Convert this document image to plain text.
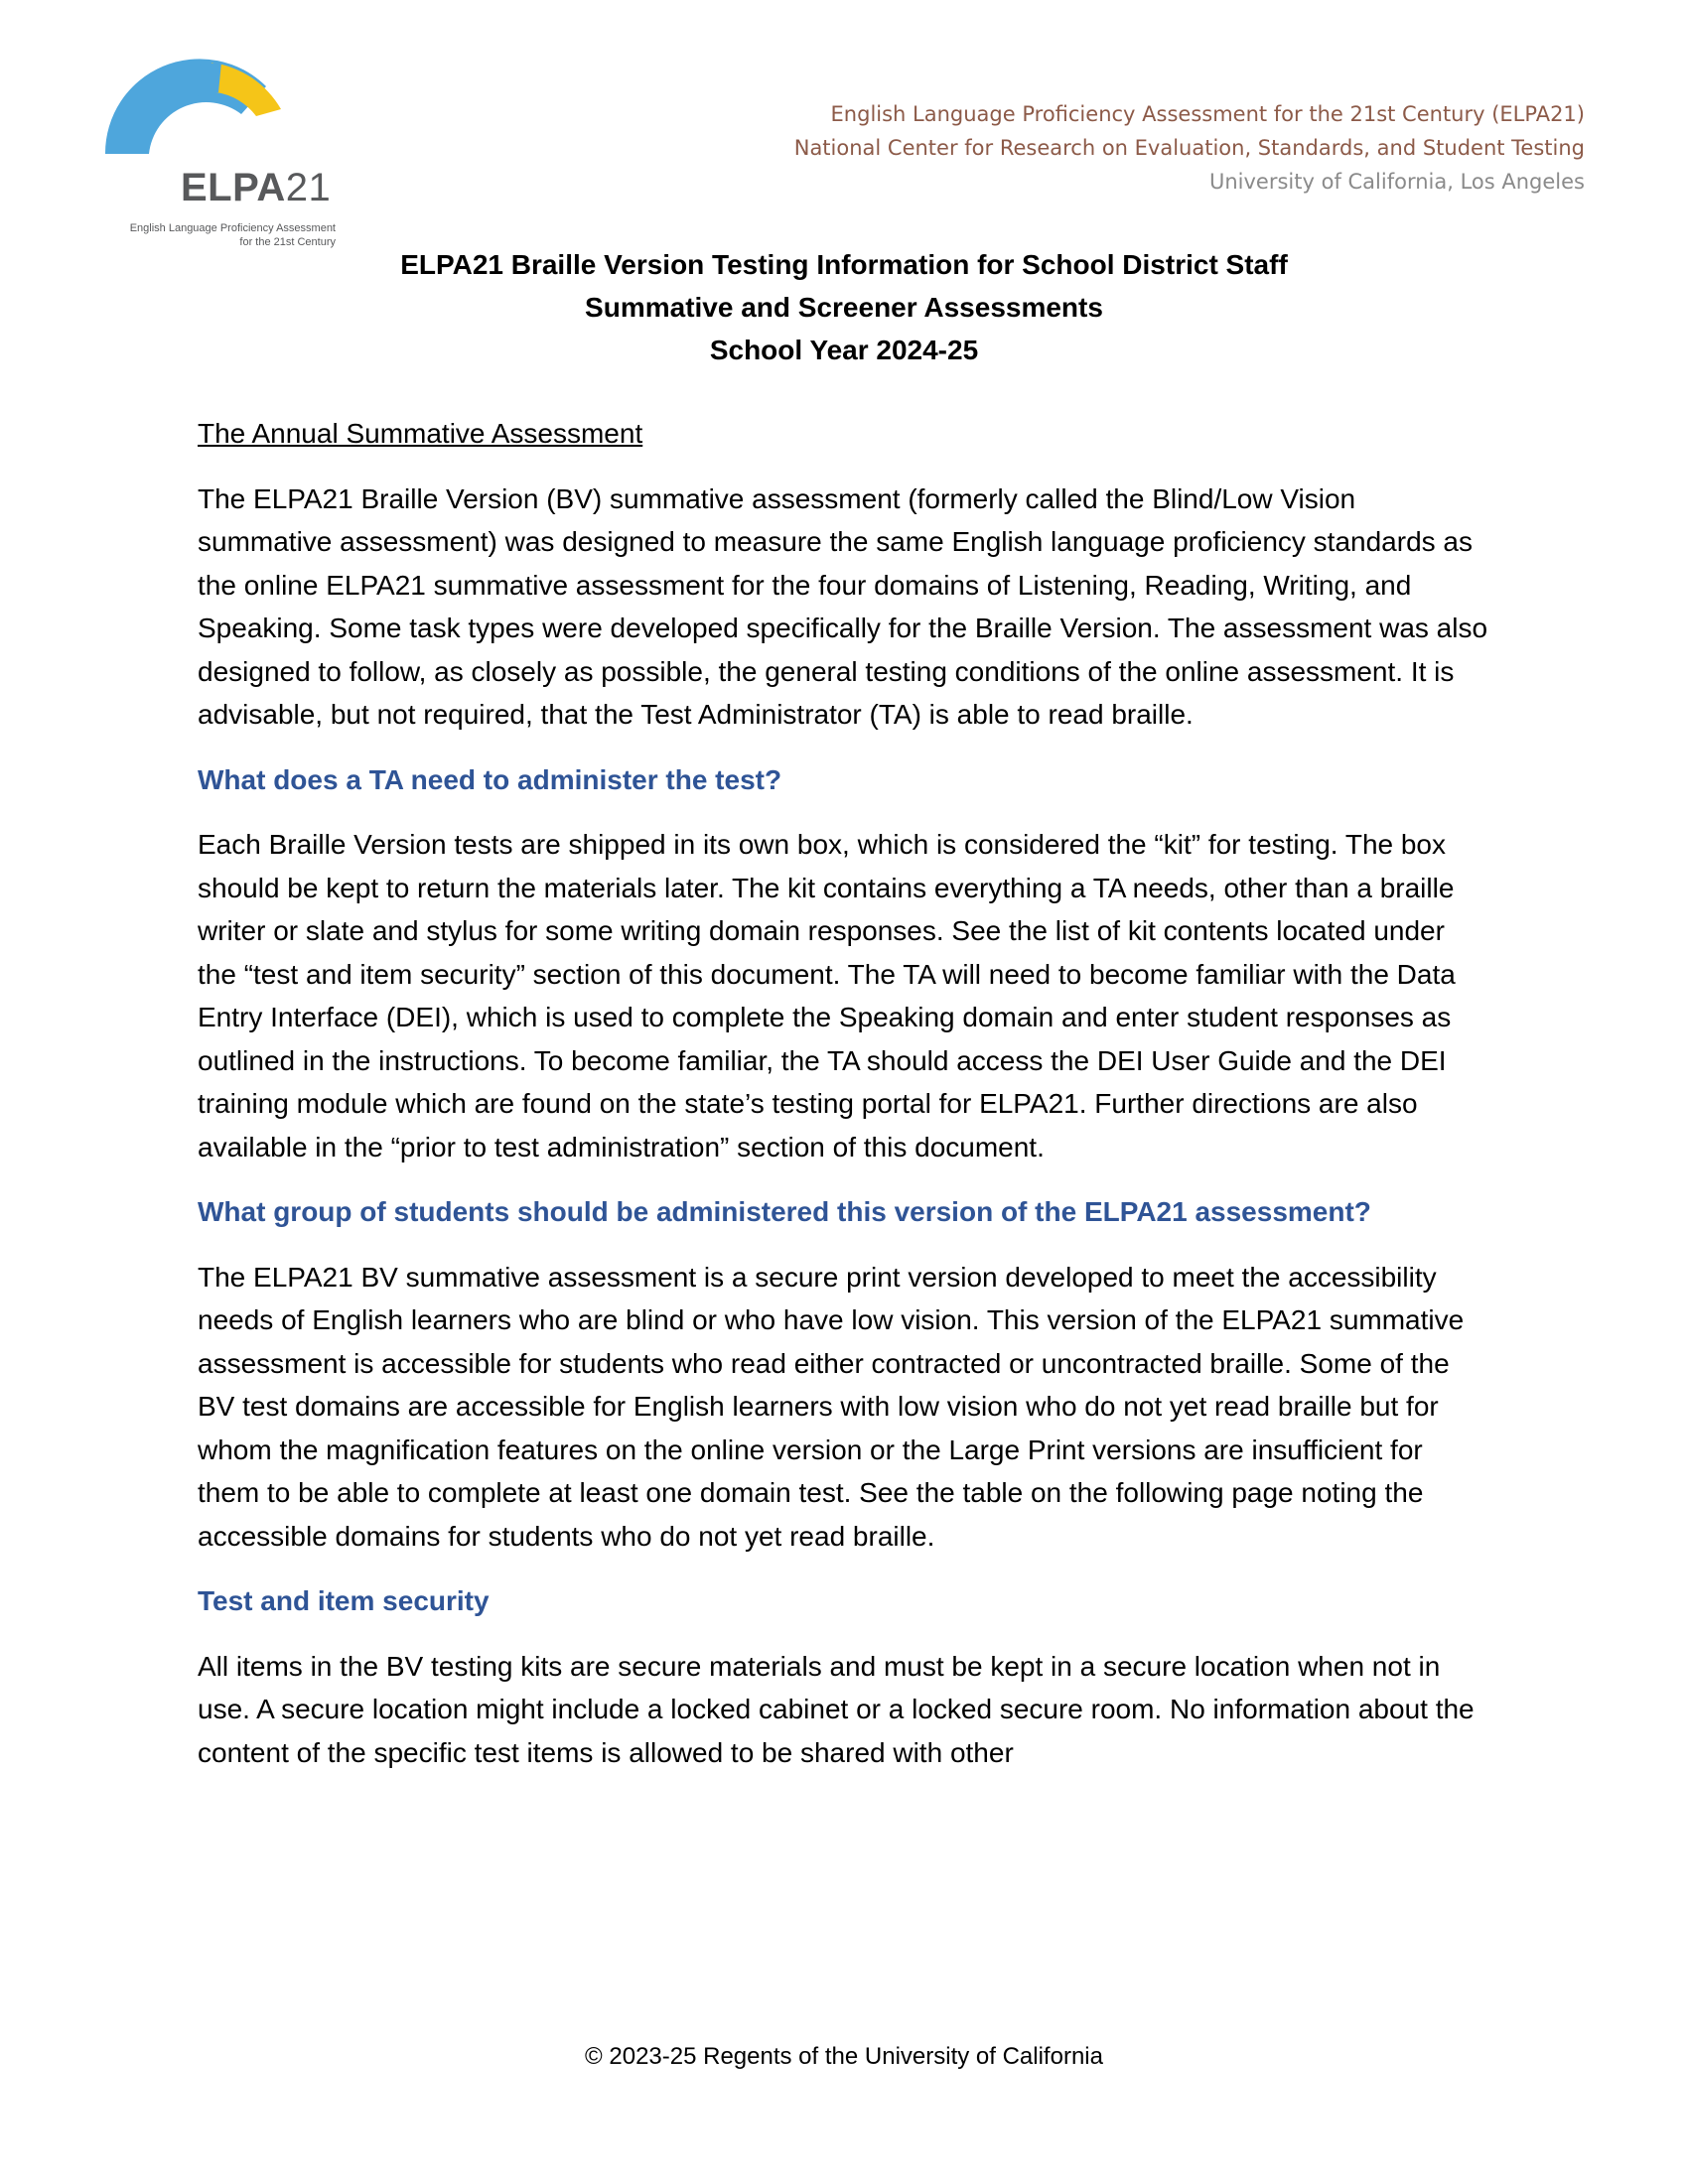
ELPA21
English Language Proficiency Assessment
for the 21st Century
English Language Proficiency Assessment for the 21st Century (ELPA21)
National Center for Research on Evaluation, Standards, and Student Testing
University of California, Los Angeles
ELPA21 Braille Version Testing Information for School District Staff
Summative and Screener Assessments
School Year 2024-25
The Annual Summative Assessment

The ELPA21 Braille Version (BV) summative assessment (formerly called the Blind/Low Vision summative assessment) was designed to measure the same English language proficiency standards as the online ELPA21 summative assessment for the four domains of Listening, Reading, Writing, and Speaking. Some task types were developed specifically for the Braille Version. The assessment was also designed to follow, as closely as possible, the general testing conditions of the online assessment. It is advisable, but not required, that the Test Administrator (TA) is able to read braille.

What does a TA need to administer the test?

Each Braille Version tests are shipped in its own box, which is considered the “kit” for testing. The box should be kept to return the materials later. The kit contains everything a TA needs, other than a braille writer or slate and stylus for some writing domain responses. See the list of kit contents located under the “test and item security” section of this document. The TA will need to become familiar with the Data Entry Interface (DEI), which is used to complete the Speaking domain and enter student responses as outlined in the instructions. To become familiar, the TA should access the DEI User Guide and the DEI training module which are found on the state’s testing portal for ELPA21. Further directions are also available in the “prior to test administration” section of this document.

What group of students should be administered this version of the ELPA21 assessment?

The ELPA21 BV summative assessment is a secure print version developed to meet the accessibility needs of English learners who are blind or who have low vision. This version of the ELPA21 summative assessment is accessible for students who read either contracted or uncontracted braille. Some of the BV test domains are accessible for English learners with low vision who do not yet read braille but for whom the magnification features on the online version or the Large Print versions are insufficient for them to be able to complete at least one domain test. See the table on the following page noting the accessible domains for students who do not yet read braille.

Test and item security

All items in the BV testing kits are secure materials and must be kept in a secure location when not in use. A secure location might include a locked cabinet or a locked secure room. No information about the content of the specific test items is allowed to be shared with other

© 2023-25 Regents of the University of California
